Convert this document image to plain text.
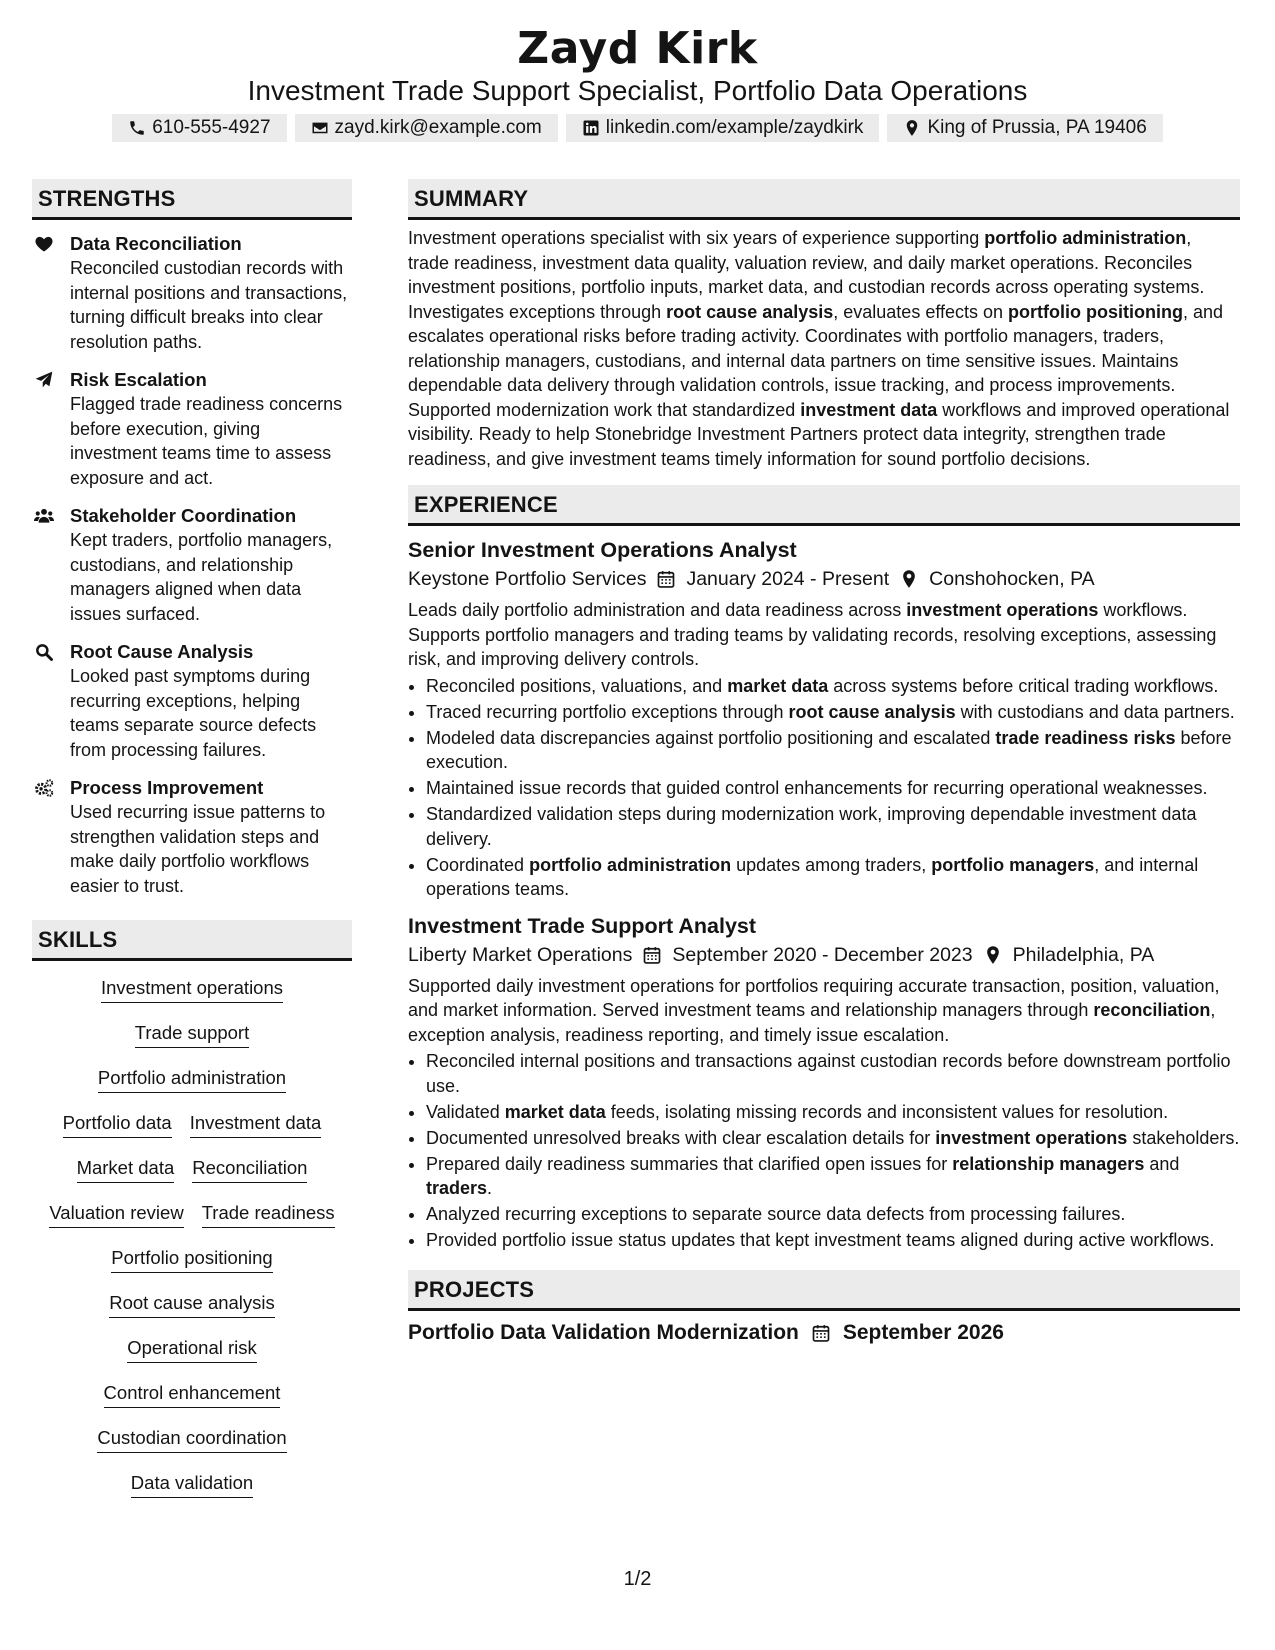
Zayd Kirk
Investment Trade Support Specialist, Portfolio Data Operations
610-555-4927	zayd.kirk@example.com	linkedin.com/example/zaydkirk	King of Prussia, PA 19406
STRENGTHS
Data Reconciliation
Reconciled custodian records with internal positions and transactions, turning difficult breaks into clear resolution paths.
Risk Escalation
Flagged trade readiness concerns before execution, giving investment teams time to assess exposure and act.
Stakeholder Coordination
Kept traders, portfolio managers, custodians, and relationship managers aligned when data issues surfaced.
Root Cause Analysis
Looked past symptoms during recurring exceptions, helping teams separate source defects from processing failures.
Process Improvement
Used recurring issue patterns to strengthen validation steps and make daily portfolio workflows easier to trust.
SKILLS
Investment operations
Trade support
Portfolio administration
Portfolio data Investment data
Market data Reconciliation
Valuation review Trade readiness
Portfolio positioning
Root cause analysis
Operational risk
Control enhancement
Custodian coordination
Data validation
SUMMARY
Investment operations specialist with six years of experience supporting portfolio administration, trade readiness, investment data quality, valuation review, and daily market operations. Reconciles investment positions, portfolio inputs, market data, and custodian records across operating systems. Investigates exceptions through root cause analysis, evaluates effects on portfolio positioning, and escalates operational risks before trading activity. Coordinates with portfolio managers, traders, relationship managers, custodians, and internal data partners on time sensitive issues. Maintains dependable data delivery through validation controls, issue tracking, and process improvements. Supported modernization work that standardized investment data workflows and improved operational visibility. Ready to help Stonebridge Investment Partners protect data integrity, strengthen trade readiness, and give investment teams timely information for sound portfolio decisions.
EXPERIENCE
Senior Investment Operations Analyst
Keystone Portfolio Services January 2024 - Present Conshohocken, PA
Leads daily portfolio administration and data readiness across investment operations workflows. Supports portfolio managers and trading teams by validating records, resolving exceptions, assessing risk, and improving delivery controls.
• Reconciled positions, valuations, and market data across systems before critical trading workflows.
• Traced recurring portfolio exceptions through root cause analysis with custodians and data partners.
• Modeled data discrepancies against portfolio positioning and escalated trade readiness risks before execution.
• Maintained issue records that guided control enhancements for recurring operational weaknesses.
• Standardized validation steps during modernization work, improving dependable investment data delivery.
• Coordinated portfolio administration updates among traders, portfolio managers, and internal operations teams.
Investment Trade Support Analyst
Liberty Market Operations September 2020 - December 2023 Philadelphia, PA
Supported daily investment operations for portfolios requiring accurate transaction, position, valuation, and market information. Served investment teams and relationship managers through reconciliation, exception analysis, readiness reporting, and timely issue escalation.
• Reconciled internal positions and transactions against custodian records before downstream portfolio use.
• Validated market data feeds, isolating missing records and inconsistent values for resolution.
• Documented unresolved breaks with clear escalation details for investment operations stakeholders.
• Prepared daily readiness summaries that clarified open issues for relationship managers and traders.
• Analyzed recurring exceptions to separate source data defects from processing failures.
• Provided portfolio issue status updates that kept investment teams aligned during active workflows.
PROJECTS
Portfolio Data Validation Modernization September 2026
1/2
